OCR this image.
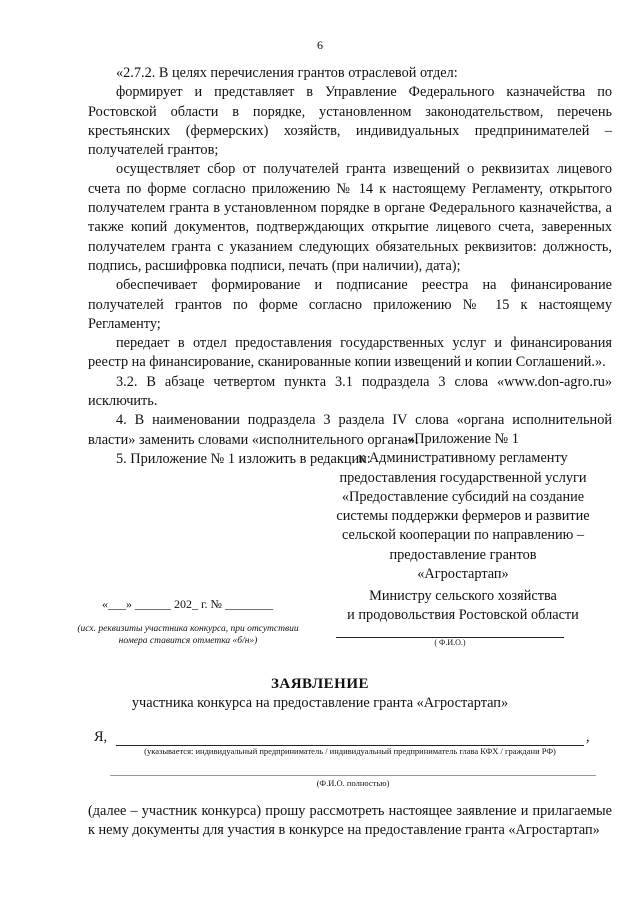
6

«2.7.2. В целях перечисления грантов отраслевой отдел:

формирует и представляет в Управление Федерального казначейства по Ростовской области в порядке, установленном законодательством, перечень крестьянских (фермерских) хозяйств, индивидуальных предпринимателей – получателей грантов;

осуществляет сбор от получателей гранта извещений о реквизитах лицевого счета по форме согласно приложению № 14 к настоящему Регламенту, открытого получателем гранта в установленном порядке в органе Федерального казначейства, а также копий документов, подтверждающих открытие лицевого счета, заверенных получателем гранта с указанием следующих обязательных реквизитов: должность, подпись, расшифровка подписи, печать (при наличии), дата);

обеспечивает формирование и подписание реестра на финансирование получателей грантов по форме согласно приложению № 15 к настоящему Регламенту;

передает в отдел предоставления государственных услуг и финансирования реестр на финансирование, сканированные копии извещений и копии Соглашений.».

3.2. В абзаце четвертом пункта 3.1 подраздела 3 слова «www.don-agro.ru» исключить.

4. В наименовании подраздела 3 раздела IV слова «органа исполнительной власти» заменить словами «исполнительного органа».

5. Приложение № 1 изложить в редакции:

«Приложение № 1
к Административному регламенту
предоставления государственной услуги
«Предоставление субсидий на создание
системы поддержки фермеров и развитие
сельской кооперации по направлению –
предоставление грантов
«Агростартап»
Министру сельского хозяйства
и продовольствия Ростовской области
( Ф.И.О.)
«___» ______ 202_ г. № ________
(исх. реквизиты участника конкурса, при отсутствии номера ставится отметка «б/н»)
ЗАЯВЛЕНИЕ
участника конкурса на предоставление гранта «Агростартап»
Я,	,
(указывается: индивидуальный предприниматель / индивидуальный предприниматель глава КФХ / граждани РФ)
(Ф.И.О. полностью)

(далее – участник конкурса) прошу рассмотреть настоящее заявление и прилагаемые

к нему документы для участия в конкурсе на предоставление гранта «Агростартап»
